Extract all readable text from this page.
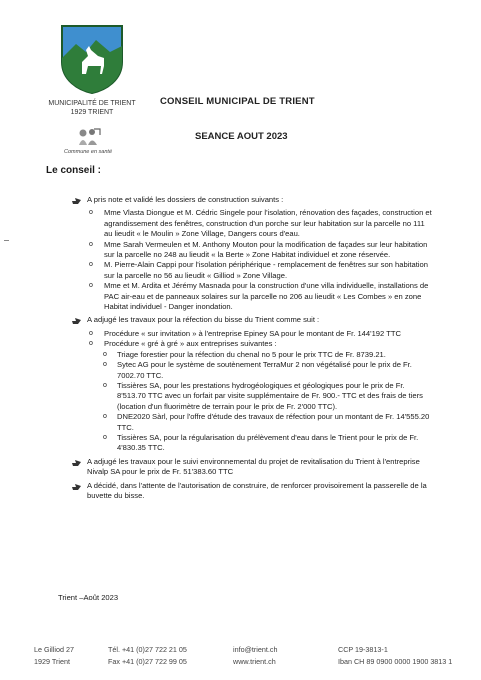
MUNICIPALITÉ DE TRIENT
1929 TRIENT
Commune en santé
CONSEIL MUNICIPAL DE TRIENT
SEANCE AOUT 2023
Le conseil :
A pris note et validé les dossiers de construction suivants :
o Mme Vlasta Diongue et M. Cédric Singele pour l'isolation, rénovation des façades, construction et agrandissement des fenêtres, construction d'un porche sur leur habitation sur la parcelle no 111 au lieudit « le Moulin » Zone Village, Dangers cours d'eau.
o Mme Sarah Vermeulen et M. Anthony Mouton pour la modification de façades sur leur habitation sur la parcelle no 248 au lieudit « la Berte » Zone Habitat individuel et zone réservée.
o M. Pierre-Alain Cappi pour l'isolation périphérique - remplacement de fenêtres sur son habitation sur la parcelle no 56 au lieudit « Gilliod » Zone Village.
o Mme et M. Ardita et Jérémy Masnada pour la construction d'une villa individuelle, installations de PAC air-eau et de panneaux solaires sur la parcelle no 206 au lieudit « Les Combes » en zone Habitat individuel - Danger inondation.
A adjugé les travaux pour la réfection du bisse du Trient comme suit :
o Procédure « sur invitation » à l'entreprise Epiney SA pour le montant de Fr. 144'192 TTC
o Procédure « gré à gré » aux entreprises suivantes :
o Triage forestier pour la réfection du chenal no 5 pour le prix TTC de Fr. 8739.21.
o Sytec AG pour le système de soutènement TerraMur 2 non végétalisé pour le prix de Fr. 7002.70 TTC.
o Tissières SA, pour les prestations hydrogéologiques et géologiques pour le prix de Fr. 8'513.70 TTC avec un forfait par visite supplémentaire de Fr. 900.- TTC et des frais de tiers (location d'un fluorimètre de terrain pour le prix de Fr. 2'000 TTC).
o DNE2020 Sàrl, pour l'offre d'étude des travaux de réfection pour un montant de Fr. 14'555.20 TTC.
o Tissières SA, pour la régularisation du prélèvement d'eau dans le Trient pour le prix de Fr. 4'830.35 TTC.
A adjugé les travaux pour le suivi environnemental du projet de revitalisation du Trient à l'entreprise Nivalp SA pour le prix de Fr. 51'383.60 TTC
A décidé, dans l'attente de l'autorisation de construire, de renforcer provisoirement la passerelle de la buvette du bisse.
Trient –Août 2023
Le Gilliod 27
1929 Trient
Tél. +41 (0)27 722 21 05
Fax +41 (0)27 722 99 05
info@trient.ch
www.trient.ch
CCP 19-3813-1
Iban CH 89 0900 0000 1900 3813 1
